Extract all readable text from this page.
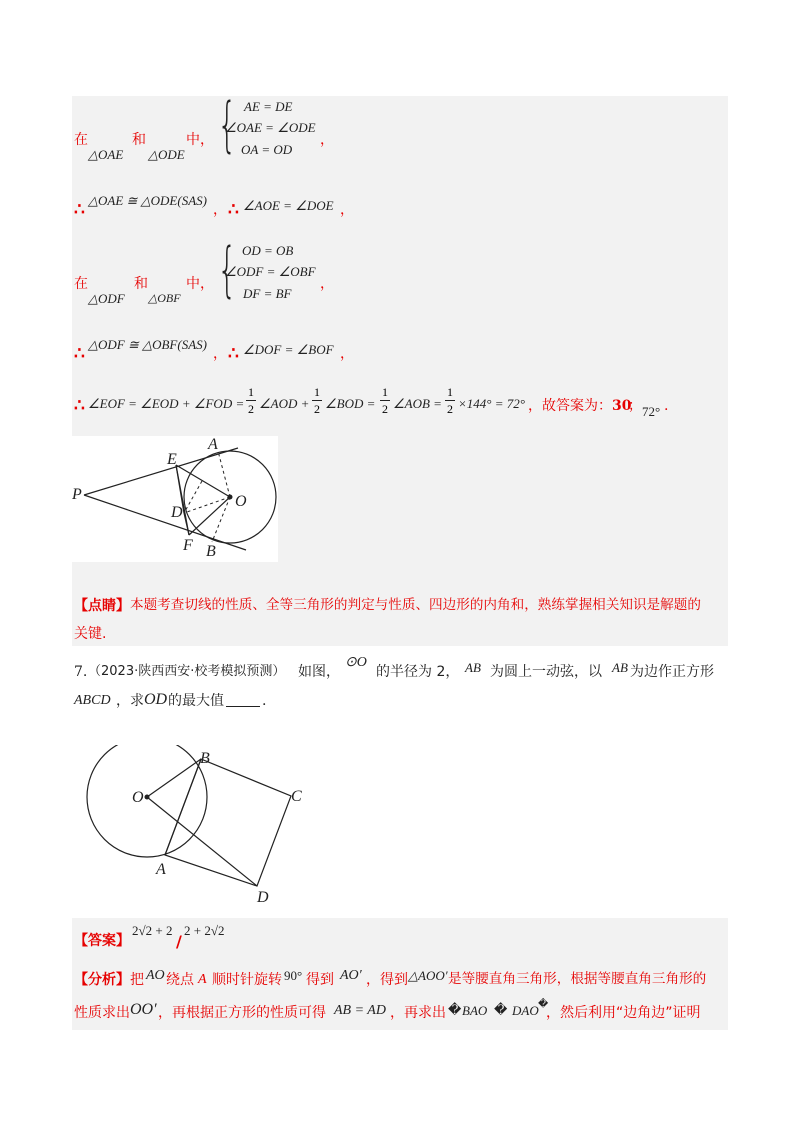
在
△OAE
和
△ODE
中， { AE = DE
∠OAE = ∠ODE
OA = OD
，
∴ △OAE ≅ △ODE(SAS)
， ∴ ∠AOE = ∠DOE ，
在
△ODF
和
△OBF
中， { OD = OB
∠ODF = ∠OBF
DF = BF
，
∴ △ODF ≅ △OBF(SAS)
， ∴ ∠DOF = ∠BOF ，
∴ ∠EOF = ∠EOD + ∠FOD =
1
2 ∠AOD +
1
2 ∠BOD =
1
2 ∠AOB =
1
2 ×144° = 72° ，故答案为： 30
； 72° .
A
E
O
P
D
F B
【点睛】 本题考查切线的性质、全等三角形的判定与性质、四边形的内角和，熟练掌握相关知识是解题的
关键.
7. （2023·陕西西安·校考模拟预测） 如图，
⊙O
的半径为 2， AB 为圆上一动弦，以 AB 为边作正方形
ABCD ，求 OD 的最大值	.
O
B
C
A
D
【答案】
2√2 + 2
/
2 + 2√2
【分析】 把 AO 绕点 A 顺时针旋转 90° 得到 AO′ ，得到 △AOO′ 是等腰直角三角形，根据等腰直角三角形的
性质求出 OO′ ，再根据正方形的性质可得 AB = AD ，再求出 � BAO � DAO �
，然后利用“边角边”证明
